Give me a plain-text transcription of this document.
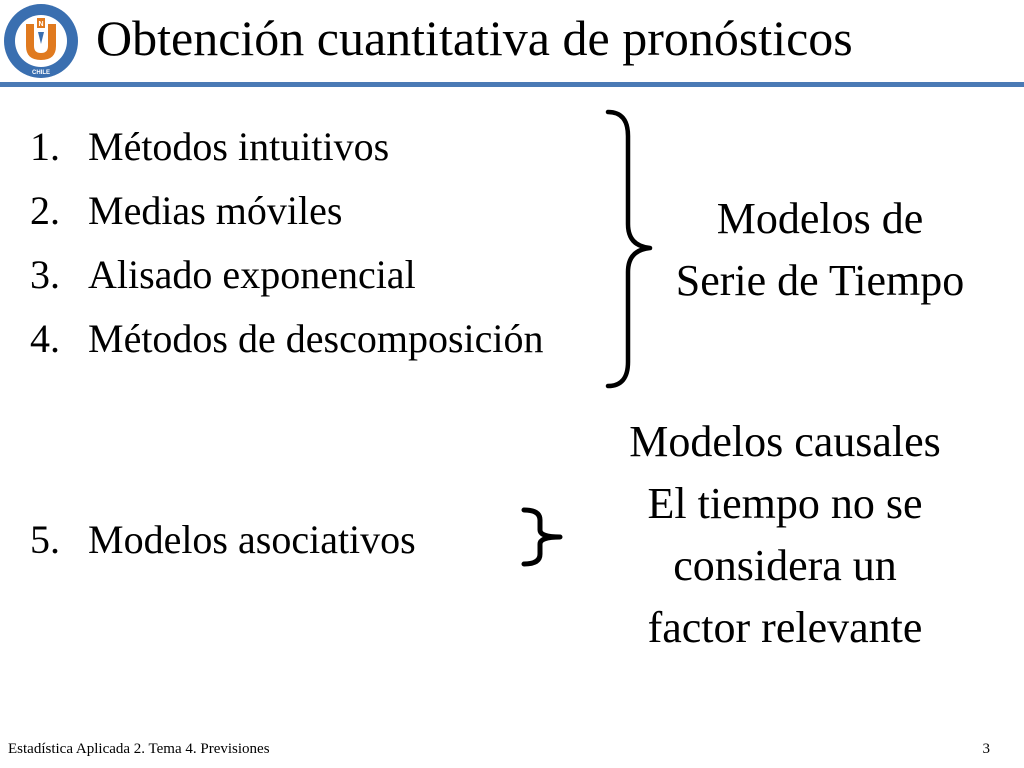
N
CHILE
Obtención cuantitativa de pronósticos
1. Métodos intuitivos
2. Medias móviles
3. Alisado exponencial
4. Métodos de descomposición
Modelos de
Serie de Tiempo
5. Modelos asociativos
Modelos causales
El tiempo no se
considera un
factor relevante
Estadística Aplicada 2. Tema 4. Previsiones	3
